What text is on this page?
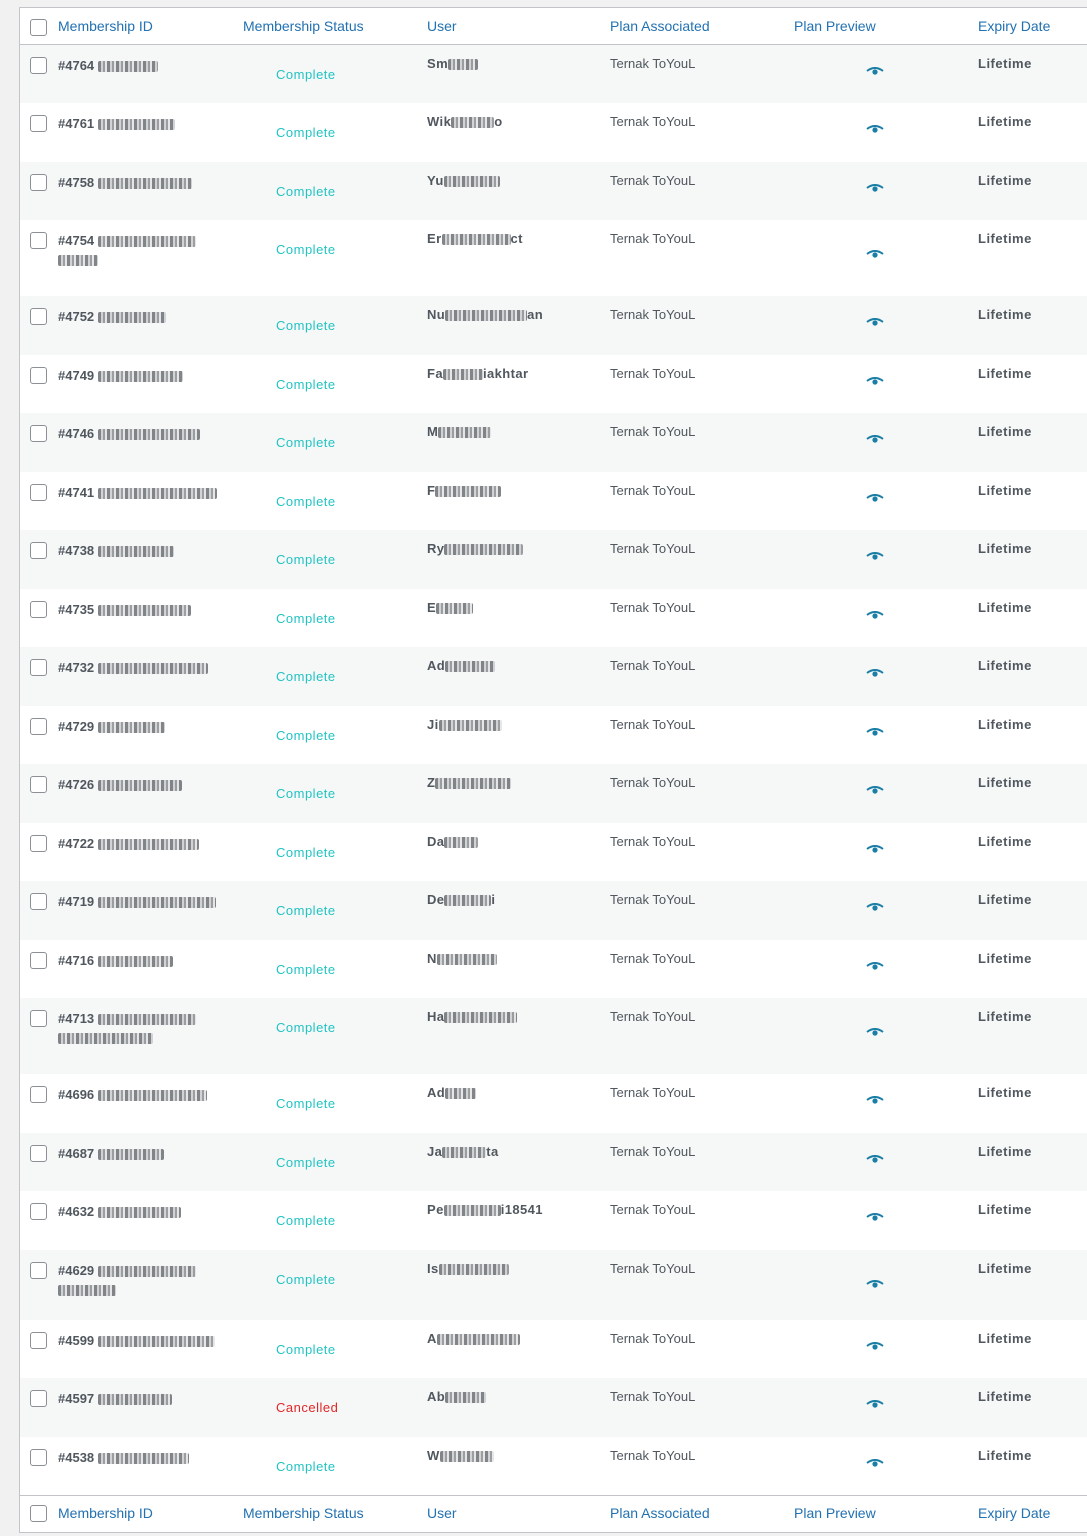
	Membership ID	Membership Status	User	Plan Associated	Plan Preview	Expiry Date
	#4764	Complete	Sm	Ternak ToYouL		Lifetime
	#4761	Complete	Wik o	Ternak ToYouL		Lifetime
	#4758	Complete	Yu	Ternak ToYouL		Lifetime
	#4754	Complete	Er ct	Ternak ToYouL		Lifetime
	#4752	Complete	Nu an	Ternak ToYouL		Lifetime
	#4749	Complete	Fa iakhtar	Ternak ToYouL		Lifetime
	#4746	Complete	M	Ternak ToYouL		Lifetime
	#4741	Complete	F	Ternak ToYouL		Lifetime
	#4738	Complete	Ry	Ternak ToYouL		Lifetime
	#4735	Complete	E	Ternak ToYouL		Lifetime
	#4732	Complete	Ad	Ternak ToYouL		Lifetime
	#4729	Complete	Ji	Ternak ToYouL		Lifetime
	#4726	Complete	Z	Ternak ToYouL		Lifetime
	#4722	Complete	Da	Ternak ToYouL		Lifetime
	#4719	Complete	De i	Ternak ToYouL		Lifetime
	#4716	Complete	N	Ternak ToYouL		Lifetime
	#4713	Complete	Ha	Ternak ToYouL		Lifetime
	#4696	Complete	Ad	Ternak ToYouL		Lifetime
	#4687	Complete	Ja ta	Ternak ToYouL		Lifetime
	#4632	Complete	Pe i18541	Ternak ToYouL		Lifetime
	#4629	Complete	Is	Ternak ToYouL		Lifetime
	#4599	Complete	A	Ternak ToYouL		Lifetime
	#4597	Cancelled	Ab	Ternak ToYouL		Lifetime
	#4538	Complete	W	Ternak ToYouL		Lifetime
	Membership ID	Membership Status	User	Plan Associated	Plan Preview	Expiry Date
